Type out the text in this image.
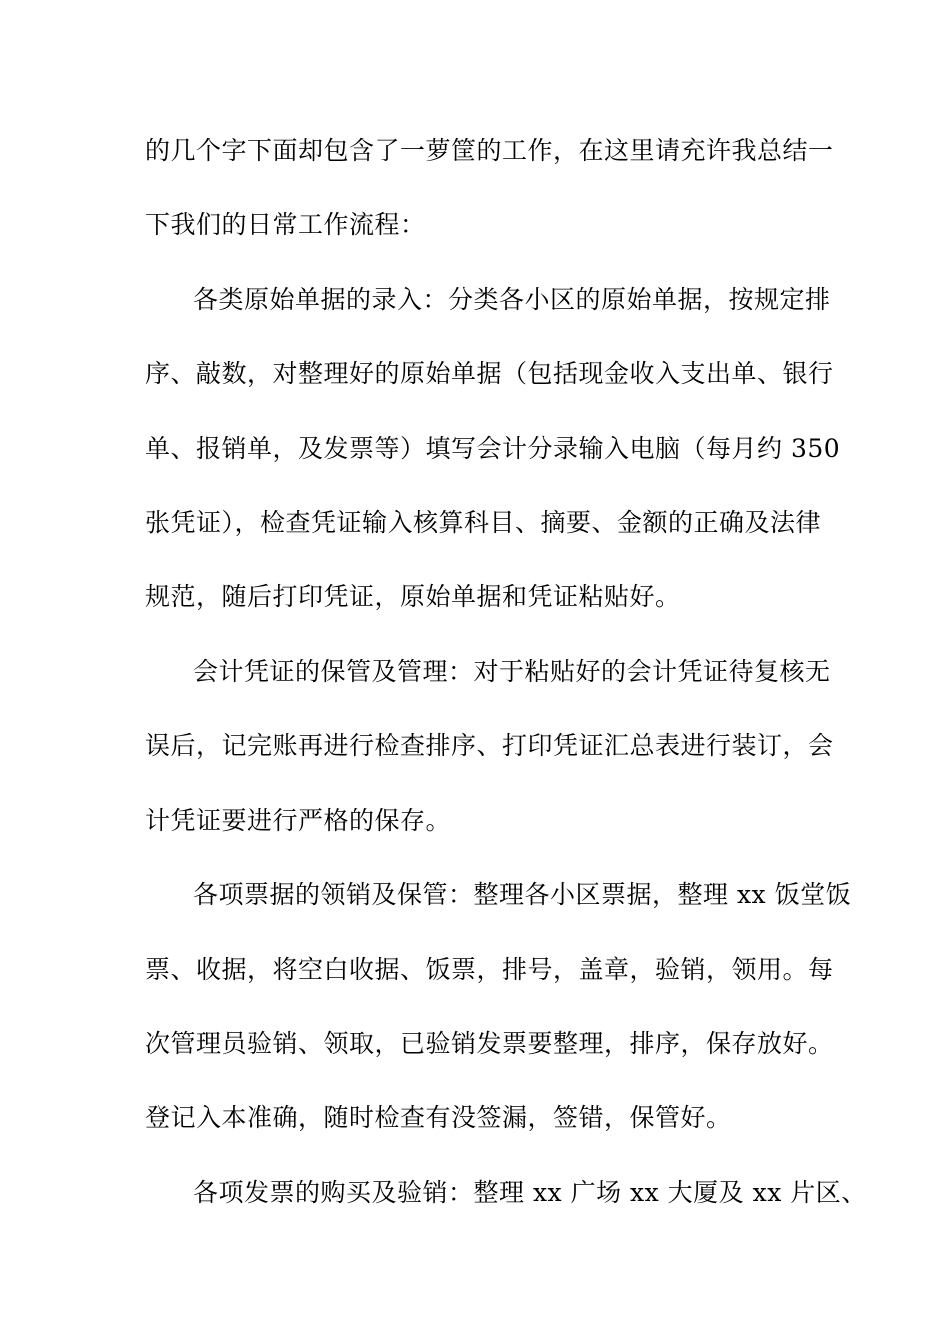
的几个字下面却包含了一萝筐的工作，在这里请充许我总结一
下我们的日常工作流程：
各类原始单据的录入：分类各小区的原始单据，按规定排
序、敲数，对整理好的原始单据（包括现金收入支出单、银行
单、报销单，及发票等）填写会计分录输入电脑（每月约 350
张凭证），检查凭证输入核算科目、摘要、金额的正确及法律
规范，随后打印凭证，原始单据和凭证粘贴好。
会计凭证的保管及管理：对于粘贴好的会计凭证待复核无
误后，记完账再进行检查排序、打印凭证汇总表进行装订，会
计凭证要进行严格的保存。
各项票据的领销及保管：整理各小区票据，整理 xx 饭堂饭
票、收据，将空白收据、饭票，排号，盖章，验销，领用。每
次管理员验销、领取，已验销发票要整理，排序，保存放好。
登记入本准确，随时检查有没签漏，签错，保管好。
各项发票的购买及验销：整理 xx 广场 xx 大厦及 xx 片区、
